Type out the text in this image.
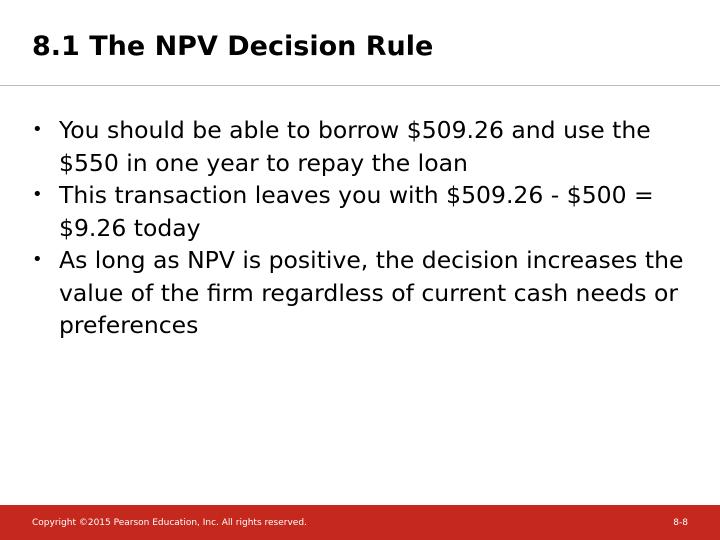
8.1 The NPV Decision Rule
• You should be able to borrow $509.26 and use the $550 in one year to repay the loan
• This transaction leaves you with $509.26 - $500 = $9.26 today
• As long as NPV is positive, the decision increases the value of the firm regardless of current cash needs or preferences
Copyright ©2015 Pearson Education, Inc. All rights reserved.	8-8
